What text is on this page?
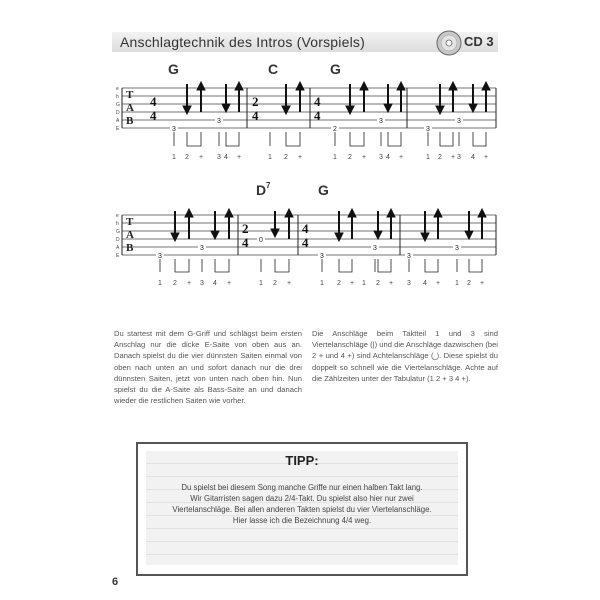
Anschlagtechnik des Intros (Vorspiels)	CD 3
G	C	G
e
h
G
D
A
E
T
A
B
4
4
2
4
4
4
3
3
2
3
3
3
1 2 + 3 4 +	1 2 +	1 2 + 3 4 +	1 2 + 3 4 +
D 7	G
e
h
G
D
A
E
T
A
B
2
4
4
4
3
3
0
3
3
3
3
1 2 + 3 4 +	1 2 +	1 2 + 1 2 + 3 4 + 1 2 +
Du startest mit dem G-Griff und schlägst beim ersten Anschlag nur die dicke E-Saite von oben aus an. Danach spielst du die vier dünnsten Saiten einmal von oben nach unten an und sofort danach nur die drei dünnsten Saiten, jetzt von unten nach oben hin. Nun spielst du die A-Saite als Bass-Saite an und danach wieder die restlichen Saiten wie vorher.
Die Anschläge beim Taktteil 1 und 3 sind Viertelanschläge (|) und die Anschläge dazwischen (bei 2 + und 4 +) sind Achtelanschläge (⎵). Diese spielst du doppelt so schnell wie die Viertelanschläge. Achte auf die Zählzeiten unter der Tabulatur (1 2 + 3 4 +).
TIPP:
Du spielst bei diesem Song manche Griffe nur einen halben Takt lang.
Wir Gitarristen sagen dazu 2/4-Takt. Du spielst also hier nur zwei
Viertelanschläge. Bei allen anderen Takten spielst du vier Viertelanschläge.
Hier lasse ich die Bezeichnung 4/4 weg.
6
